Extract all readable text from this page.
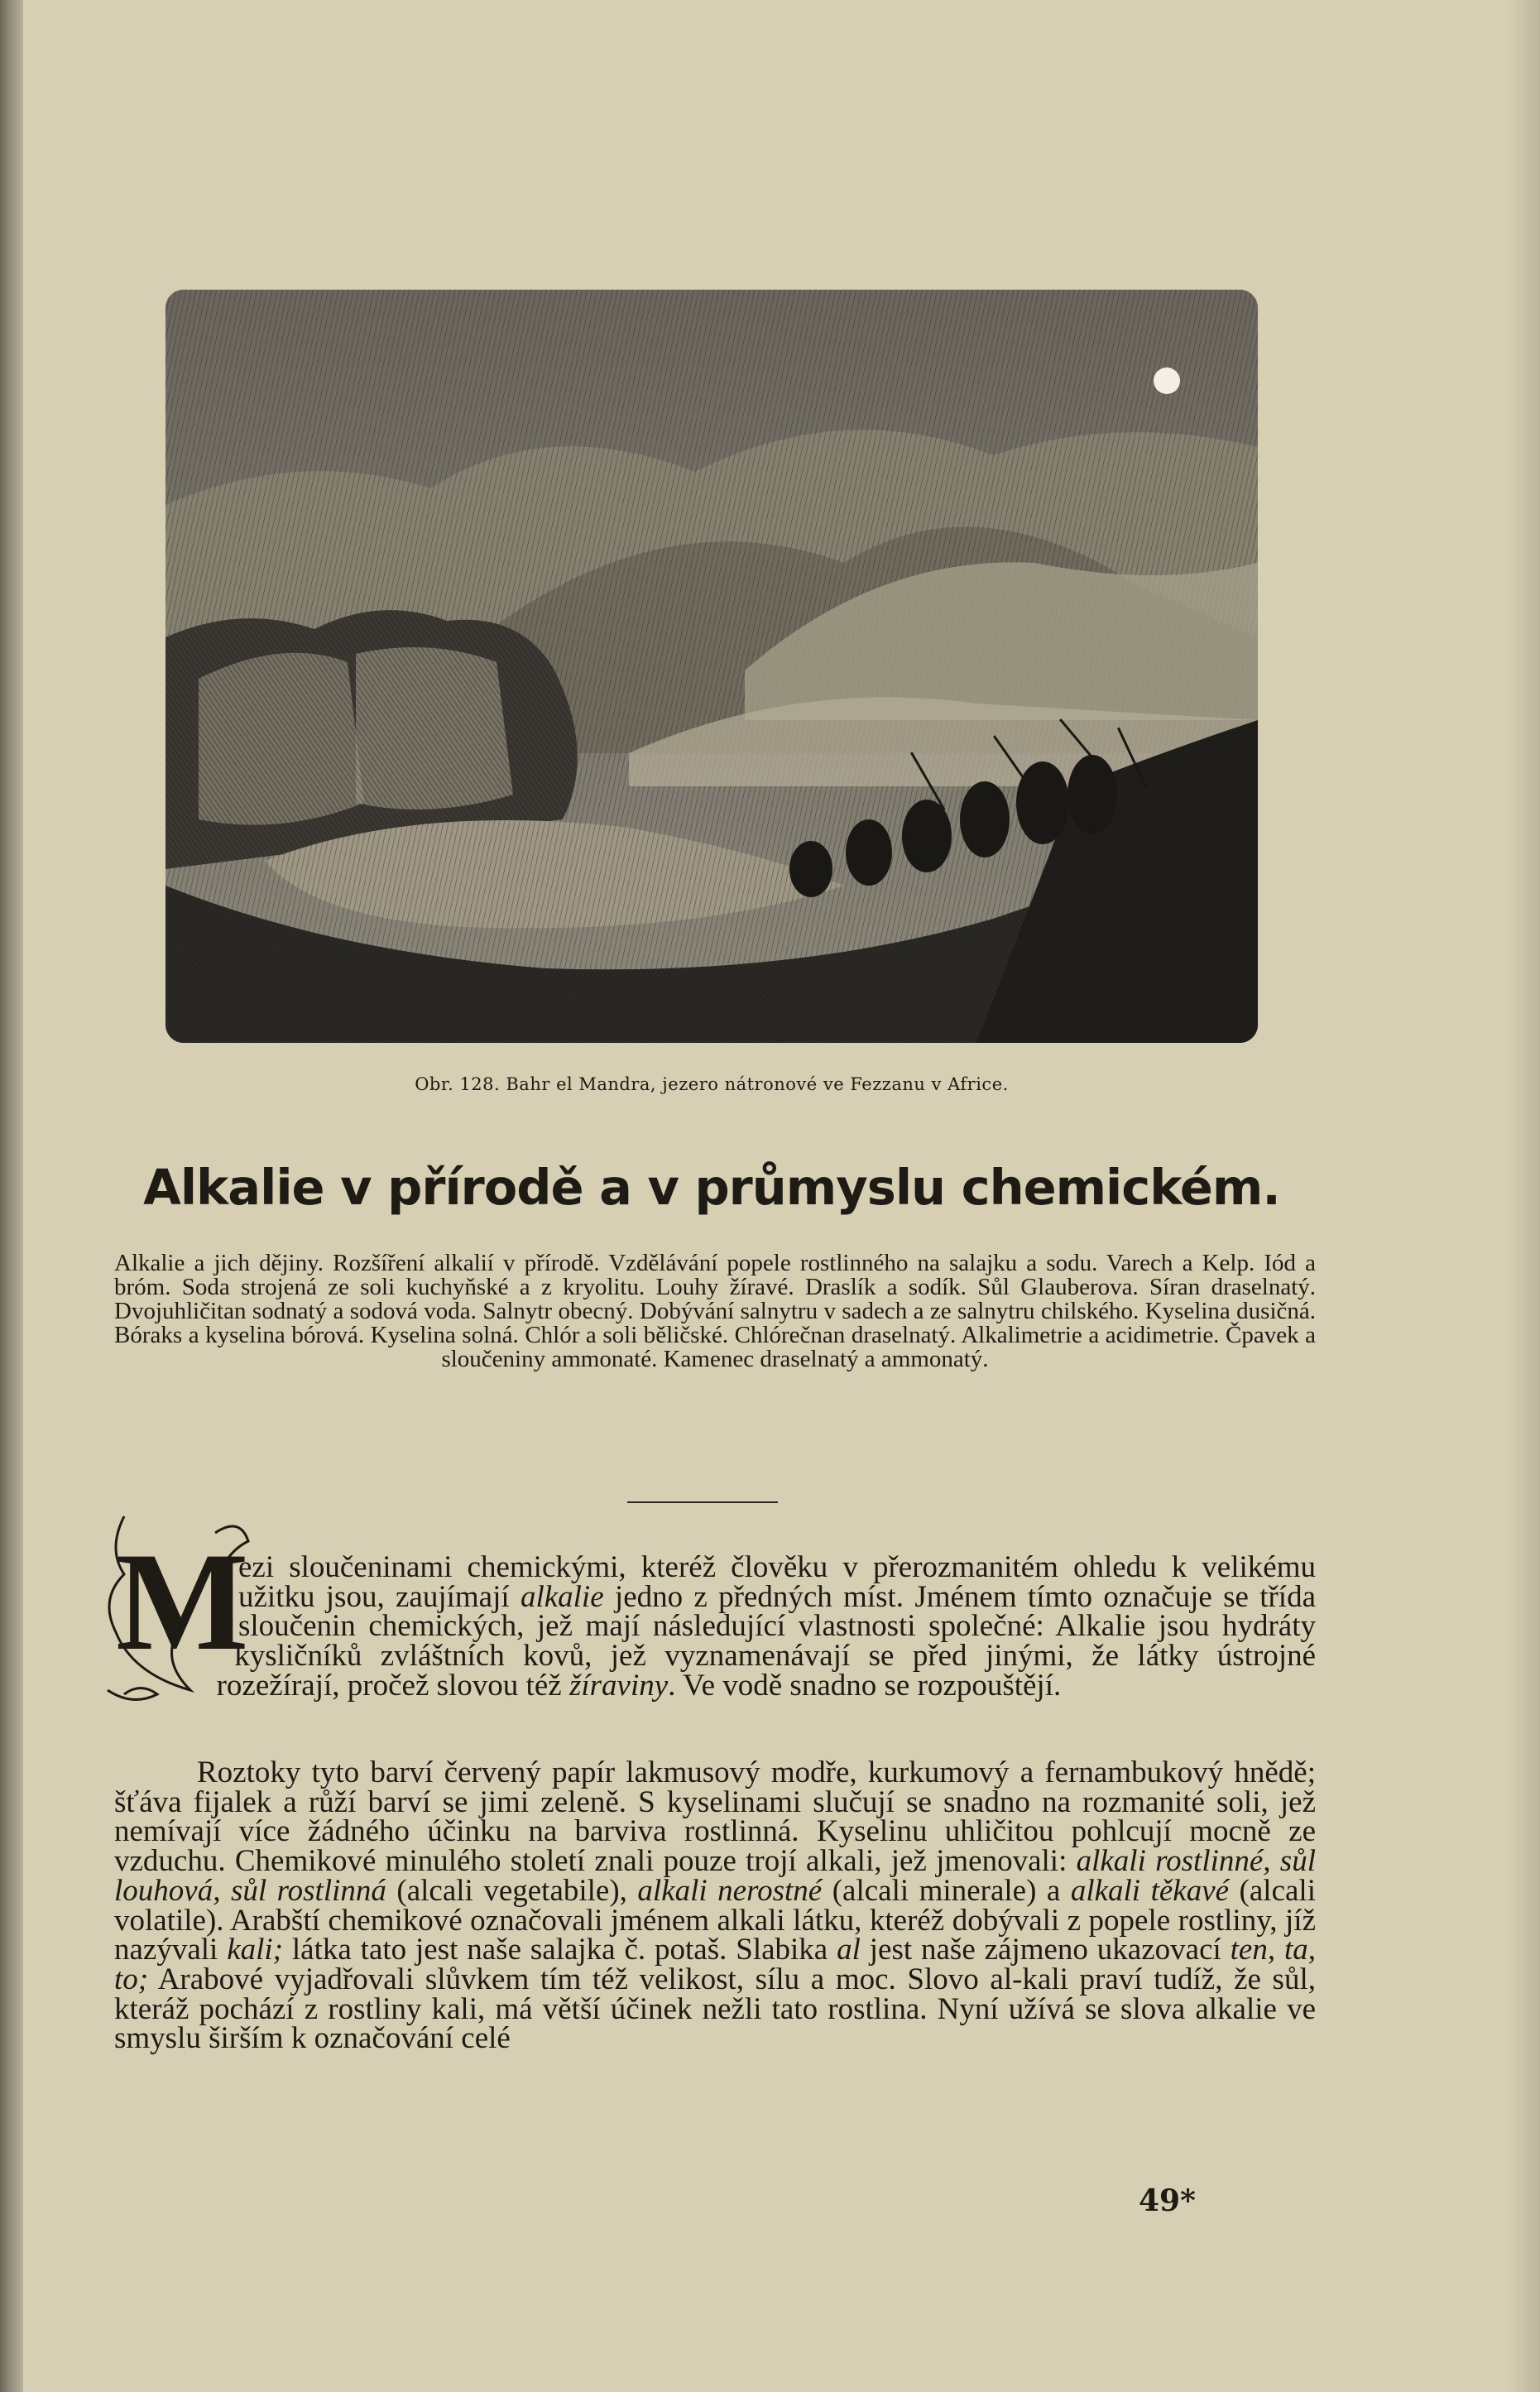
Obr. 128. Bahr el Mandra, jezero nátronové ve Fezzanu v Africe.
Alkalie v přírodě a v průmyslu chemickém.
Alkalie a jich dějiny. Rozšíření alkalií v přírodě. Vzdělávání popele rostlinného na salajku a sodu. Varech a Kelp. Iód a bróm. Soda strojená ze soli kuchyňské a z kryolitu. Louhy žíravé. Draslík a sodík. Sůl Glauberova. Síran draselnatý. Dvojuhličitan sodnatý a sodová voda. Salnytr obecný. Dobývání salnytru v sadech a ze salnytru chilského. Kyselina dusičná. Bóraks a kyselina bórová. Kyselina solná. Chlór a soli běličské. Chlórečnan draselnatý. Alkalimetrie a acidimetrie. Čpavek a sloučeniny ammonaté. Kamenec draselnatý a ammonatý.
M

ezi sloučeninami chemickými, kteréž člověku v přerozmanitém ohledu k velikému užitku jsou, zaujímají alkalie jedno z předných míst. Jménem tímto označuje se třída sloučenin chemických, jež mají následující vlastnosti společné: Alkalie jsou hydráty kysličníků zvláštních kovů, jež vyznamenávají se před jinými, že látky ústrojné rozežírají, pročež slovou též žíraviny. Ve vodě snadno se rozpouštějí.

Roztoky tyto barví červený papír lakmusový modře, kurkumový a fernambukový hnědě; šťáva fijalek a růží barví se jimi zeleně. S kyselinami slučují se snadno na rozmanité soli, jež nemívají více žádného účinku na barviva rostlinná. Kyselinu uhličitou pohlcují mocně ze vzduchu. Chemikové minulého století znali pouze trojí alkali, jež jmenovali: alkali rostlinné, sůl louhová, sůl rostlinná (alcali vegetabile), alkali nerostné (alcali minerale) a alkali těkavé (alcali volatile). Arabští chemikové označovali jménem alkali látku, kteréž dobývali z popele rostliny, jíž nazývali kali; látka tato jest naše salajka č. potaš. Slabika al jest naše zájmeno ukazovací ten, ta, to; Arabové vyjadřovali slůvkem tím též velikost, sílu a moc. Slovo al-kali praví tudíž, že sůl, kteráž pochází z rostliny kali, má větší účinek nežli tato rostlina. Nyní užívá se slova alkalie ve smyslu širším k označování celé

49*
